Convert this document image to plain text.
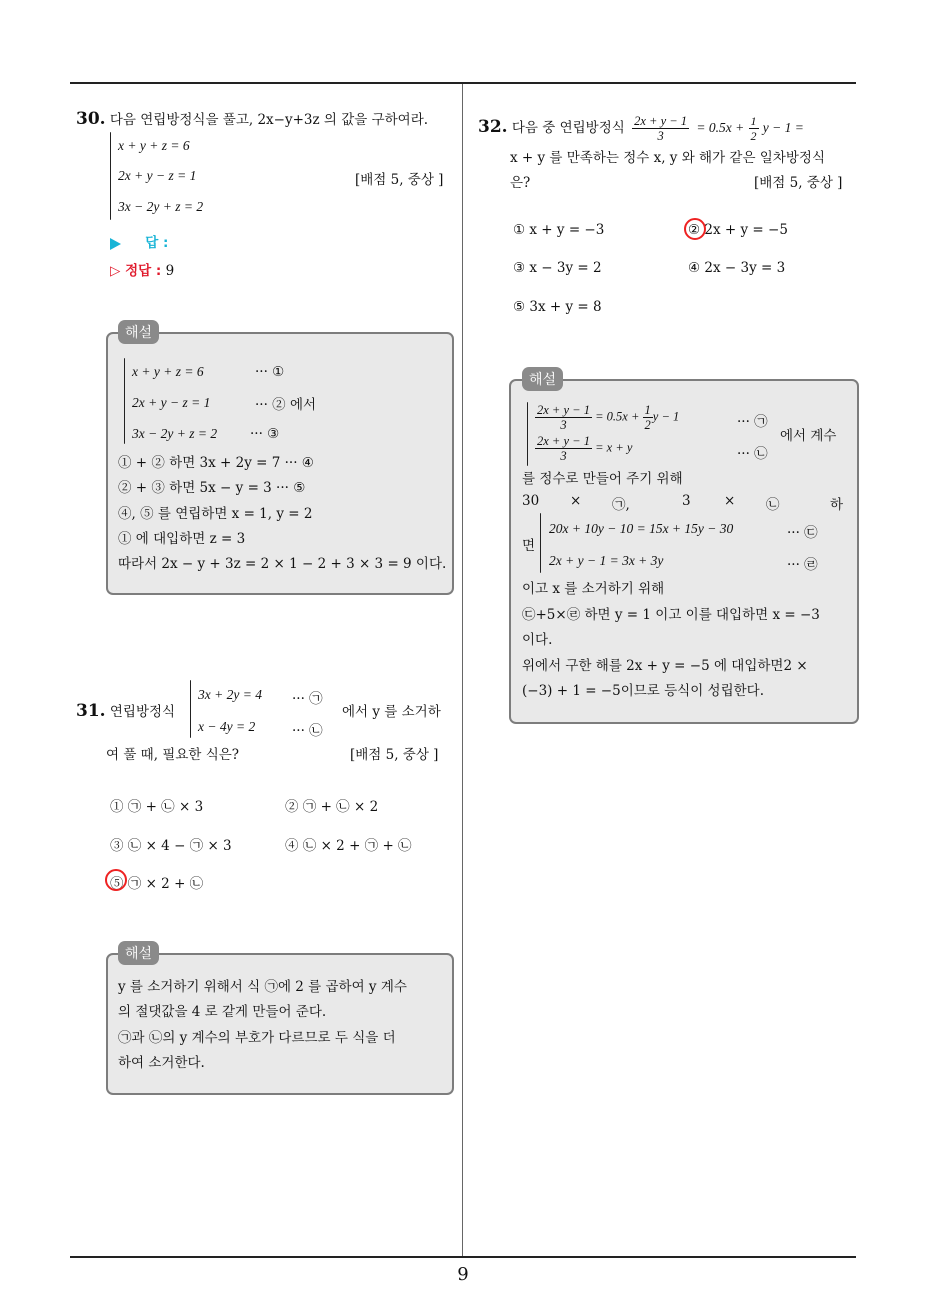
9
30. 다음 연립방정식을 풀고, 2x−y+3z 의 값을 구하여라.
x + y + z = 6
2x + y − z = 1
3x − 2y + z = 2
[배점 5, 중상 ]
답 :
▷ 정답 : 9
해설
x + y + z = 6	··· ①
2x + y − z = 1	··· ② 에서
3x − 2y + z = 2 ··· ③
① + ② 하면 3x + 2y = 7 ··· ④
② + ③ 하면 5x − y = 3 ··· ⑤
④, ⑤ 를 연립하면 x = 1, y = 2
① 에 대입하면 z = 3
따라서 2x − y + 3z = 2 × 1 − 2 + 3 × 3 = 9 이다.
31. 연립방정식
3x + 2y = 4 ··· ㉠
x − 4y = 2	··· ㉡
에서 y 를 소거하
여 풀 때, 필요한 식은?	[배점 5, 중상 ]
① ㉠ + ㉡ × 3	② ㉠ + ㉡ × 2
③ ㉡ × 4 − ㉠ × 3	④ ㉡ × 2 + ㉠ + ㉡
⑤ ㉠ × 2 + ㉡
해설
y 를 소거하기 위해서 식 ㉠에 2 를 곱하여 y 계수
의 절댓값을 4 로 같게 만들어 준다.
㉠과 ㉡의 y 계수의 부호가 다르므로 두 식을 더
하여 소거한다.
32. 다음 중 연립방정식 $\frac{2x + y - 1}{3} = 0.5x + \frac{1}{2}$ y − 1 =
x + y 를 만족하는 정수 x, y 와 해가 같은 일차방정식
은?	[배점 5, 중상 ]
① x + y = −3	② 2x + y = −5
③ x − 3y = 2	④ 2x − 3y = 3
⑤ 3x + y = 8
해설
$\frac{2x + y - 1}{3} = 0.5x + \frac{1}{2}$ y − 1	··· ㉠
에서 계수
$\frac{2x + y - 1}{3} = x + y$	··· ㉡
를 정수로 만들어 주기 위해
30 × ㉠,	3 × ㉡	하
면
20x + 10y − 10 = 15x + 15y − 30	··· ㉢
2x + y − 1 = 3x + 3y	··· ㉣
이고 x 를 소거하기 위해
㉢+5×㉣ 하면 y = 1 이고 이를 대입하면 x = −3
이다.
위에서 구한 해를 2x + y = −5 에 대입하면2 ×
(−3) + 1 = −5이므로 등식이 성립한다.
